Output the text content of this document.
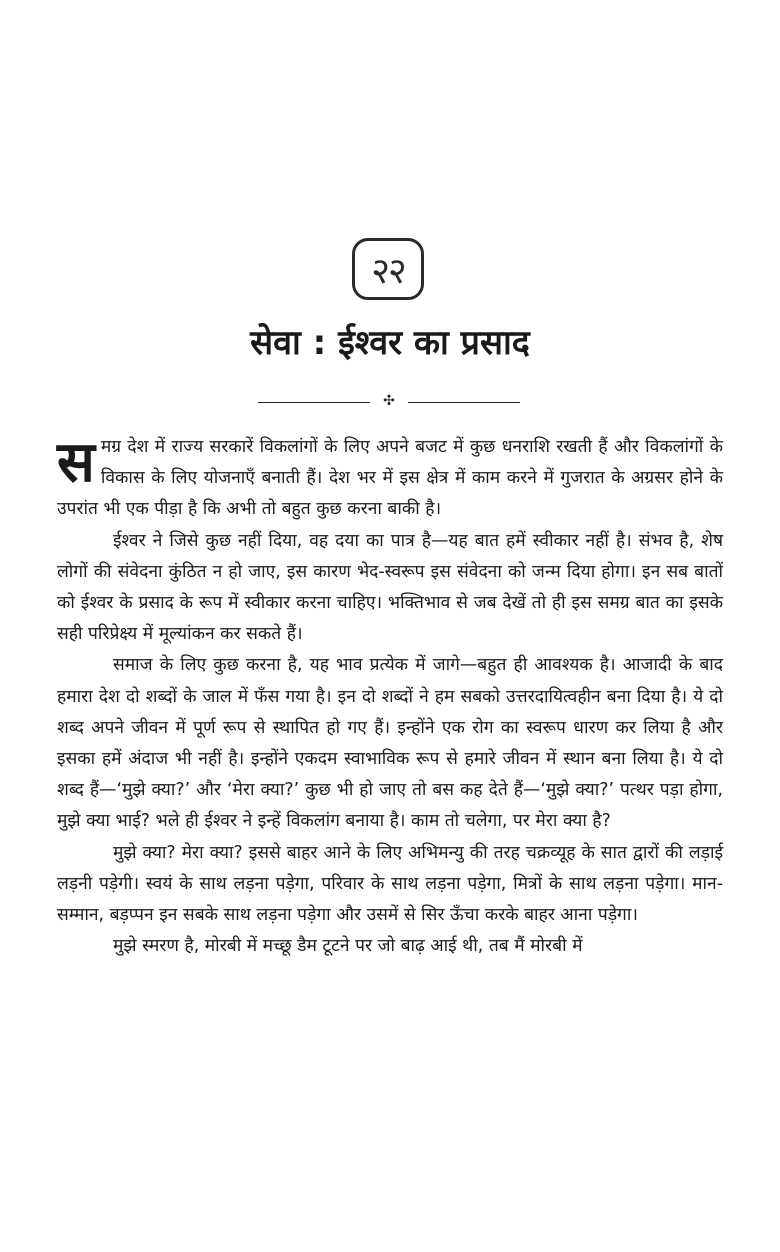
२२
सेवा : ईश्वर का प्रसाद
✣

समग्र देश में राज्य सरकारें विकलांगों के लिए अपने बजट में कुछ धनराशि रखती हैं और विकलांगों के विकास के लिए योजनाएँ बनाती हैं। देश भर में इस क्षेत्र में काम करने में गुजरात के अग्रसर होने के उपरांत भी एक पीड़ा है कि अभी तो बहुत कुछ करना बाकी है।

ईश्वर ने जिसे कुछ नहीं दिया, वह दया का पात्र है—यह बात हमें स्वीकार नहीं है। संभव है, शेष लोगों की संवेदना कुंठित न हो जाए, इस कारण भेद-स्वरूप इस संवेदना को जन्म दिया होगा। इन सब बातों को ईश्वर के प्रसाद के रूप में स्वीकार करना चाहिए। भक्तिभाव से जब देखें तो ही इस समग्र बात का इसके सही परिप्रेक्ष्य में मूल्यांकन कर सकते हैं।

समाज के लिए कुछ करना है, यह भाव प्रत्येक में जागे—बहुत ही आवश्यक है। आजादी के बाद हमारा देश दो शब्दों के जाल में फँस गया है। इन दो शब्दों ने हम सबको उत्तरदायित्वहीन बना दिया है। ये दो शब्द अपने जीवन में पूर्ण रूप से स्थापित हो गए हैं। इन्होंने एक रोग का स्वरूप धारण कर लिया है और इसका हमें अंदाज भी नहीं है। इन्होंने एकदम स्वाभाविक रूप से हमारे जीवन में स्थान बना लिया है। ये दो शब्द हैं—‘मुझे क्या?’ और ‘मेरा क्या?’ कुछ भी हो जाए तो बस कह देते हैं—‘मुझे क्या?’ पत्थर पड़ा होगा, मुझे क्या भाई? भले ही ईश्वर ने इन्हें विकलांग बनाया है। काम तो चलेगा, पर मेरा क्या है?

मुझे क्या? मेरा क्या? इससे बाहर आने के लिए अभिमन्यु की तरह चक्रव्यूह के सात द्वारों की लड़ाई लड़नी पड़ेगी। स्वयं के साथ लड़ना पड़ेगा, परिवार के साथ लड़ना पड़ेगा, मित्रों के साथ लड़ना पड़ेगा। मान-सम्मान, बड़प्पन इन सबके साथ लड़ना पड़ेगा और उसमें से सिर ऊँचा करके बाहर आना पड़ेगा।

मुझे स्मरण है, मोरबी में मच्छू डैम टूटने पर जो बाढ़ आई थी, तब मैं मोरबी में
